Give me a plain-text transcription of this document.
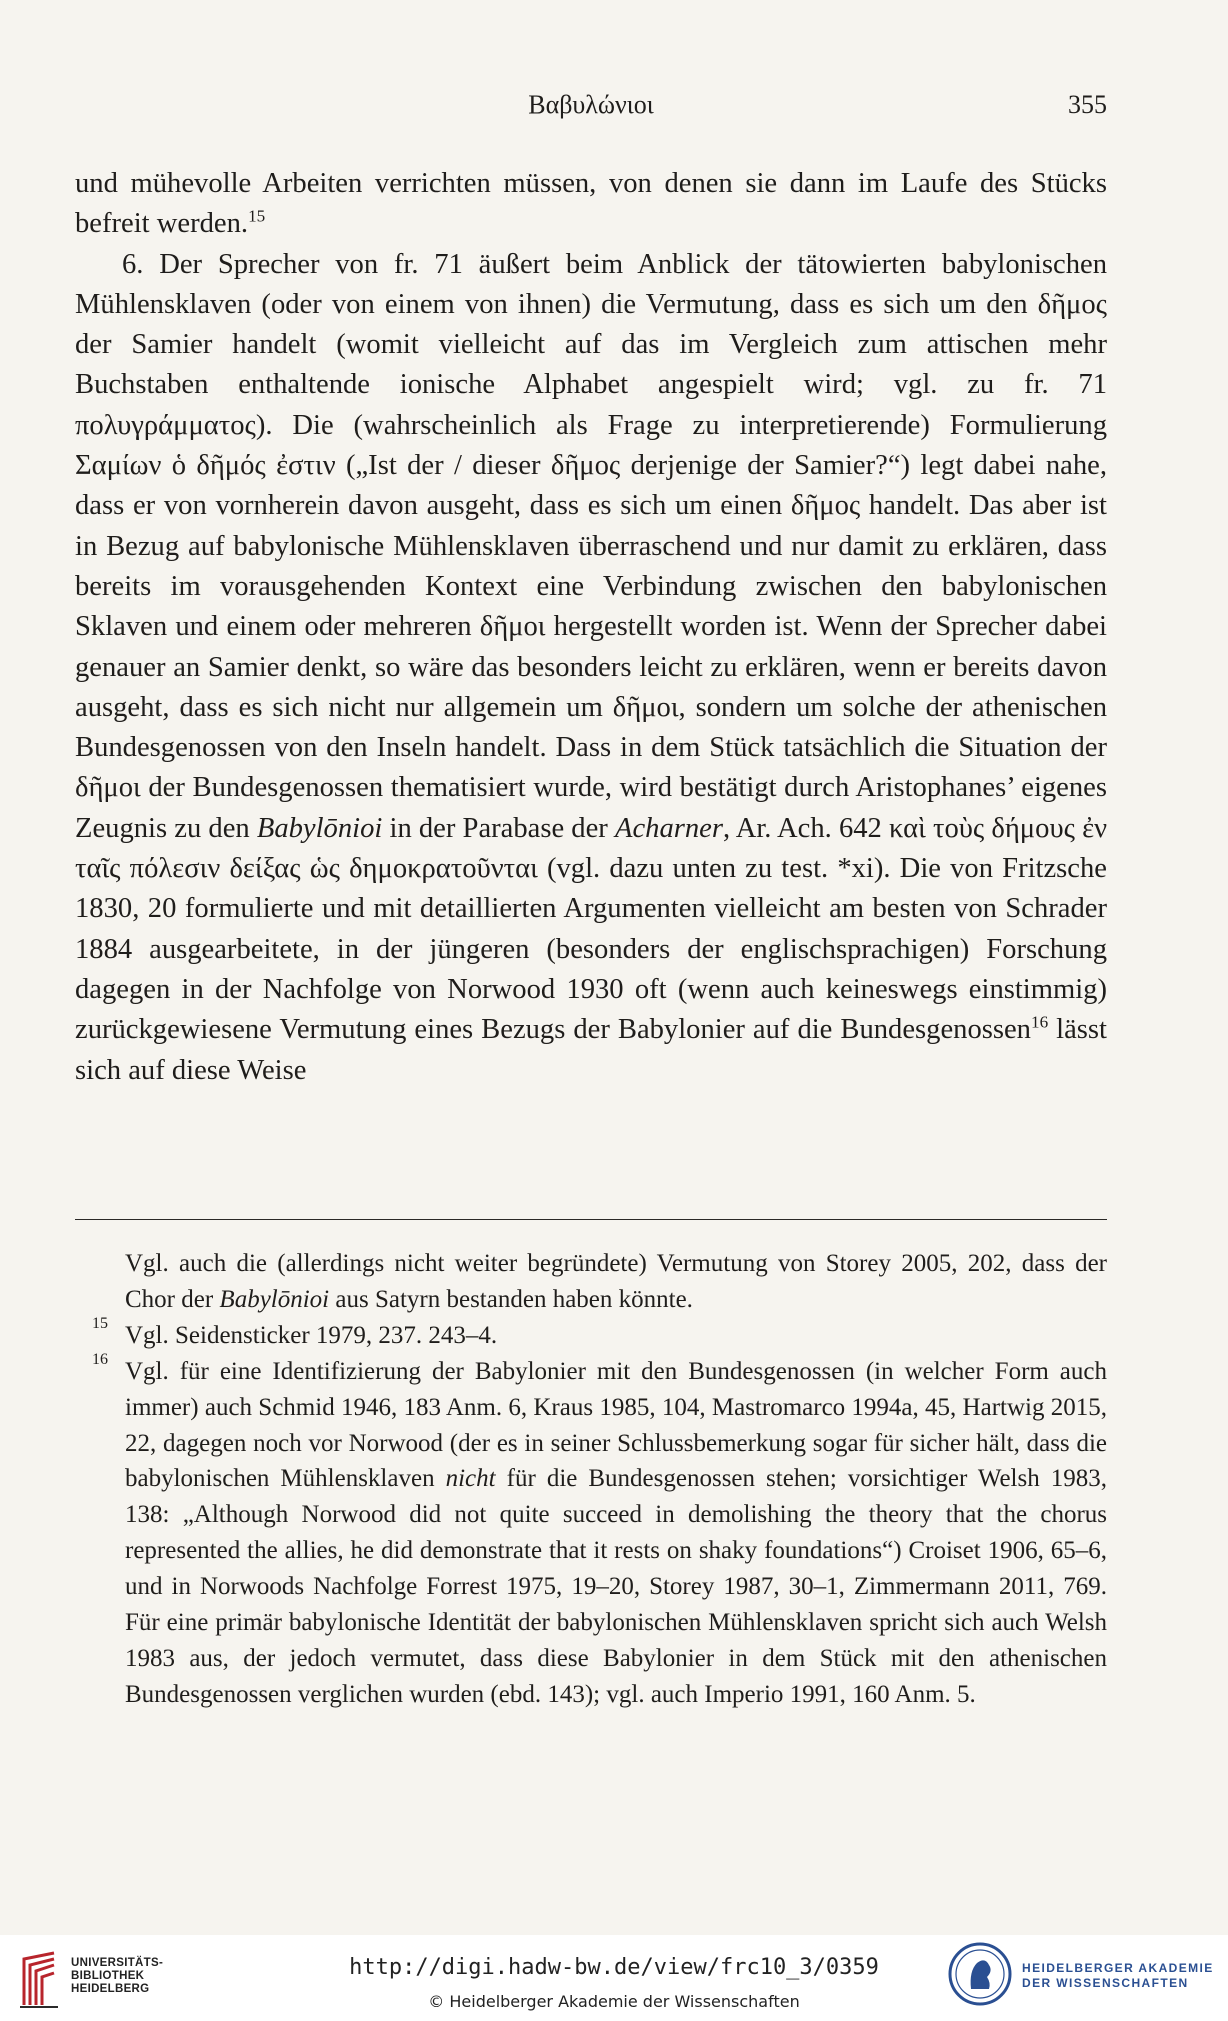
Βαβυλώνιοι	355

und mühevolle Arbeiten verrichten müssen, von denen sie dann im Laufe des Stücks befreit werden.$^{15}$

6. Der Sprecher von fr. 71 äußert beim Anblick der tätowierten babylonischen Mühlensklaven (oder von einem von ihnen) die Vermutung, dass es sich um den δῆμος der Samier handelt (womit vielleicht auf das im Vergleich zum attischen mehr Buchstaben enthaltende ionische Alphabet angespielt wird; vgl. zu fr. 71 πολυγράμματος). Die (wahrscheinlich als Frage zu interpretierende) Formulierung Σαμίων ὁ δῆμός ἐστιν („Ist der / dieser δῆμος derjenige der Samier?“) legt dabei nahe, dass er von vornherein davon ausgeht, dass es sich um einen δῆμος handelt. Das aber ist in Bezug auf babylonische Mühlensklaven überraschend und nur damit zu erklären, dass bereits im vorausgehenden Kontext eine Verbindung zwischen den babylonischen Sklaven und einem oder mehreren δῆμοι hergestellt worden ist. Wenn der Sprecher dabei genauer an Samier denkt, so wäre das besonders leicht zu erklären, wenn er bereits davon ausgeht, dass es sich nicht nur allgemein um δῆμοι, sondern um solche der athenischen Bundesgenossen von den Inseln handelt. Dass in dem Stück tatsächlich die Situation der δῆμοι der Bundesgenossen thematisiert wurde, wird bestätigt durch Aristophanes’ eigenes Zeugnis zu den Babylōnioi in der Parabase der Acharner, Ar. Ach. 642 καὶ τοὺς δήμους ἐν ταῖς πόλεσιν δείξας ὡς δημοκρατοῦνται (vgl. dazu unten zu test. *xi). Die von Fritzsche 1830, 20 formulierte und mit detaillierten Argumenten vielleicht am besten von Schrader 1884 ausgearbeitete, in der jüngeren (besonders der englischsprachigen) Forschung dagegen in der Nachfolge von Norwood 1930 oft (wenn auch keineswegs einstimmig) zurückgewiesene Vermutung eines Bezugs der Babylonier auf die Bundesgenossen$^{16}$ lässt sich auf diese Weise

Vgl. auch die (allerdings nicht weiter begründete) Vermutung von Storey 2005, 202, dass der Chor der Babylōnioi aus Satyrn bestanden haben könnte.

15 Vgl. Seidensticker 1979, 237. 243–4.

16 Vgl. für eine Identifizierung der Babylonier mit den Bundesgenossen (in welcher Form auch immer) auch Schmid 1946, 183 Anm. 6, Kraus 1985, 104, Mastromarco 1994a, 45, Hartwig 2015, 22, dagegen noch vor Norwood (der es in seiner Schlussbemerkung sogar für sicher hält, dass die babylonischen Mühlensklaven nicht für die Bundesgenossen stehen; vorsichtiger Welsh 1983, 138: „Although Norwood did not quite succeed in demolishing the theory that the chorus represented the allies, he did demonstrate that it rests on shaky foundations“) Croiset 1906, 65–6, und in Norwoods Nachfolge Forrest 1975, 19–20, Storey 1987, 30–1, Zimmermann 2011, 769. Für eine primär babylonische Identität der babylonischen Mühlensklaven spricht sich auch Welsh 1983 aus, der jedoch vermutet, dass diese Babylonier in dem Stück mit den athenischen Bundesgenossen verglichen wurden (ebd. 143); vgl. auch Imperio 1991, 160 Anm. 5.

UNIVERSITÄTS-
BIBLIOTHEK
HEIDELBERG
http://digi.hadw-bw.de/view/frc10_3/0359
© Heidelberger Akademie der Wissenschaften
HEIDELBERGER AKADEMIE
DER WISSENSCHAFTEN
